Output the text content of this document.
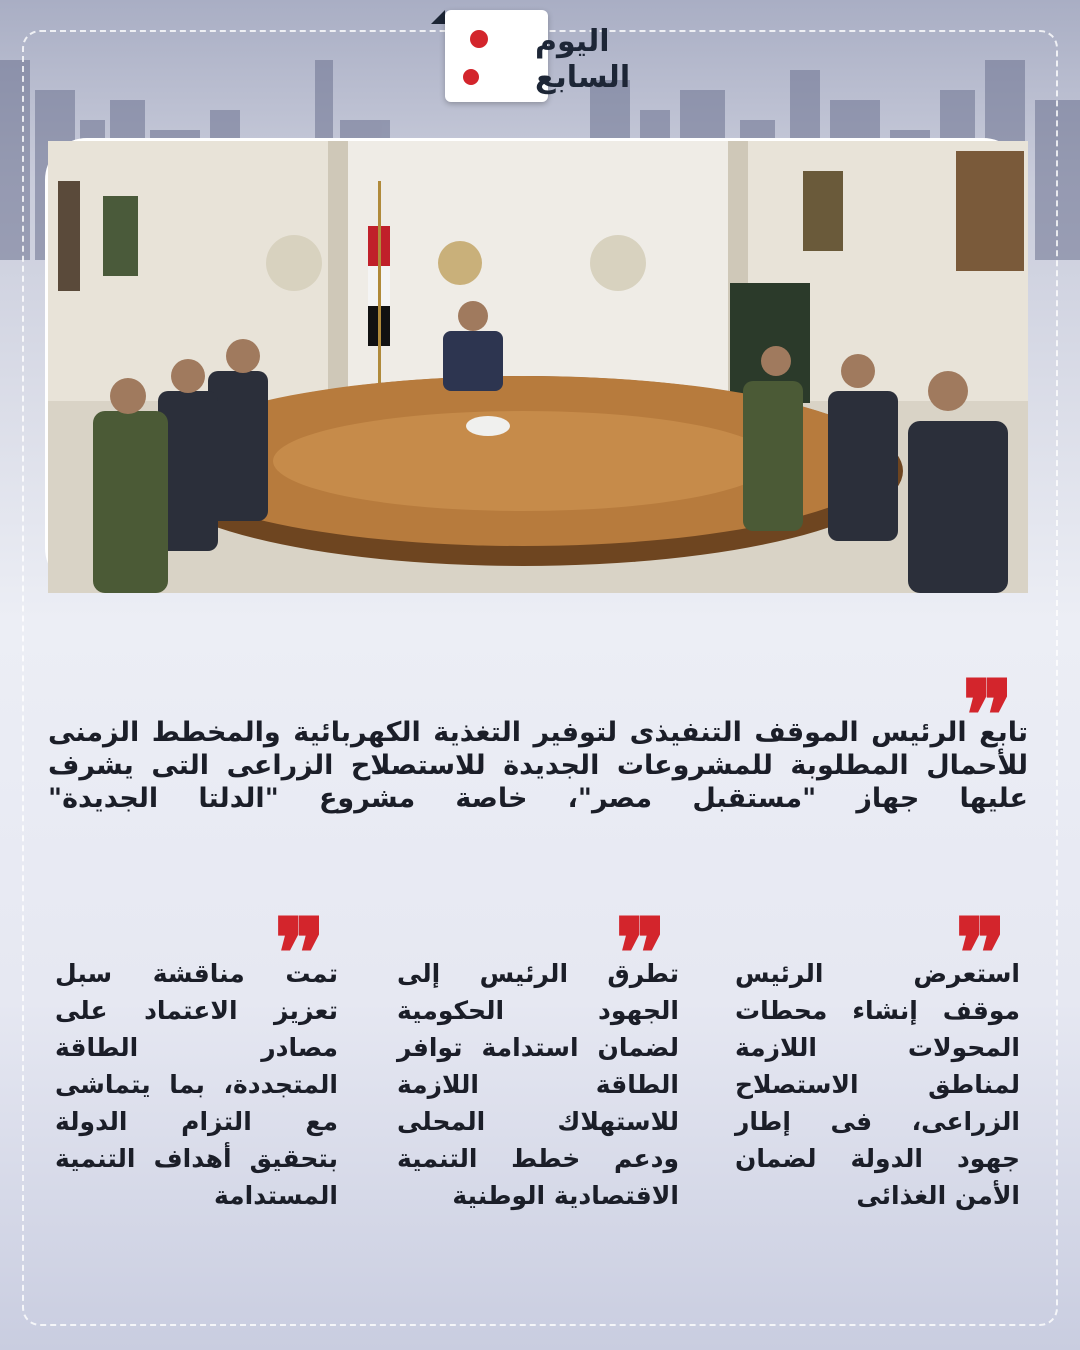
اليوم
السابع
❞

تابع الرئيس الموقف التنفيذى لتوفير التغذية الكهربائية والمخطط الزمنى للأحمال المطلوبة للمشروعات الجديدة للاستصلاح الزراعى التى يشرف عليها جهاز "مستقبل مصر"، خاصة مشروع "الدلتا الجديدة"

❞
❞
❞	استعرض الرئيس موقف إنشاء محطات المحولات اللازمة لمناطق الاستصلاح الزراعى، فى إطار جهود الدولة لضمان الأمن الغذائى

تطرق الرئيس إلى الجهود الحكومية لضمان استدامة توافر الطاقة اللازمة للاستهلاك المحلى ودعم خطط التنمية الاقتصادية الوطنية

تمت مناقشة سبل تعزيز الاعتماد على مصادر الطاقة المتجددة، بما يتماشى مع التزام الدولة بتحقيق أهداف التنمية المستدامة
